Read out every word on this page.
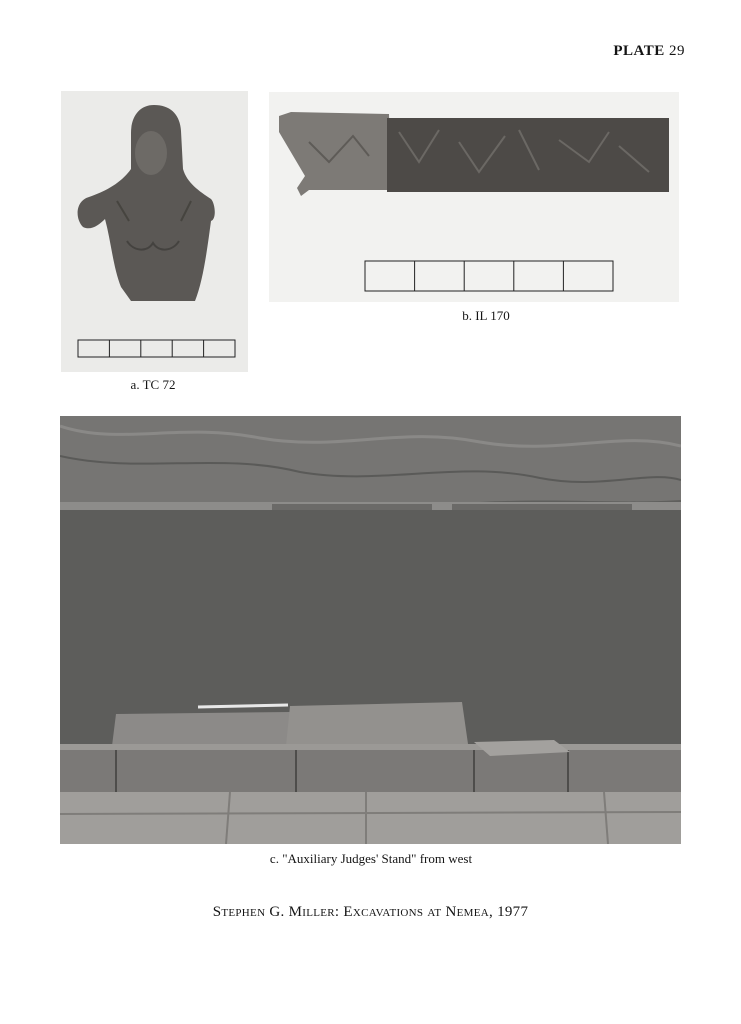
PLATE 29
a. TC 72
b. IL 170
c. "Auxiliary Judges' Stand" from west
Stephen G. Miller: Excavations at Nemea, 1977
